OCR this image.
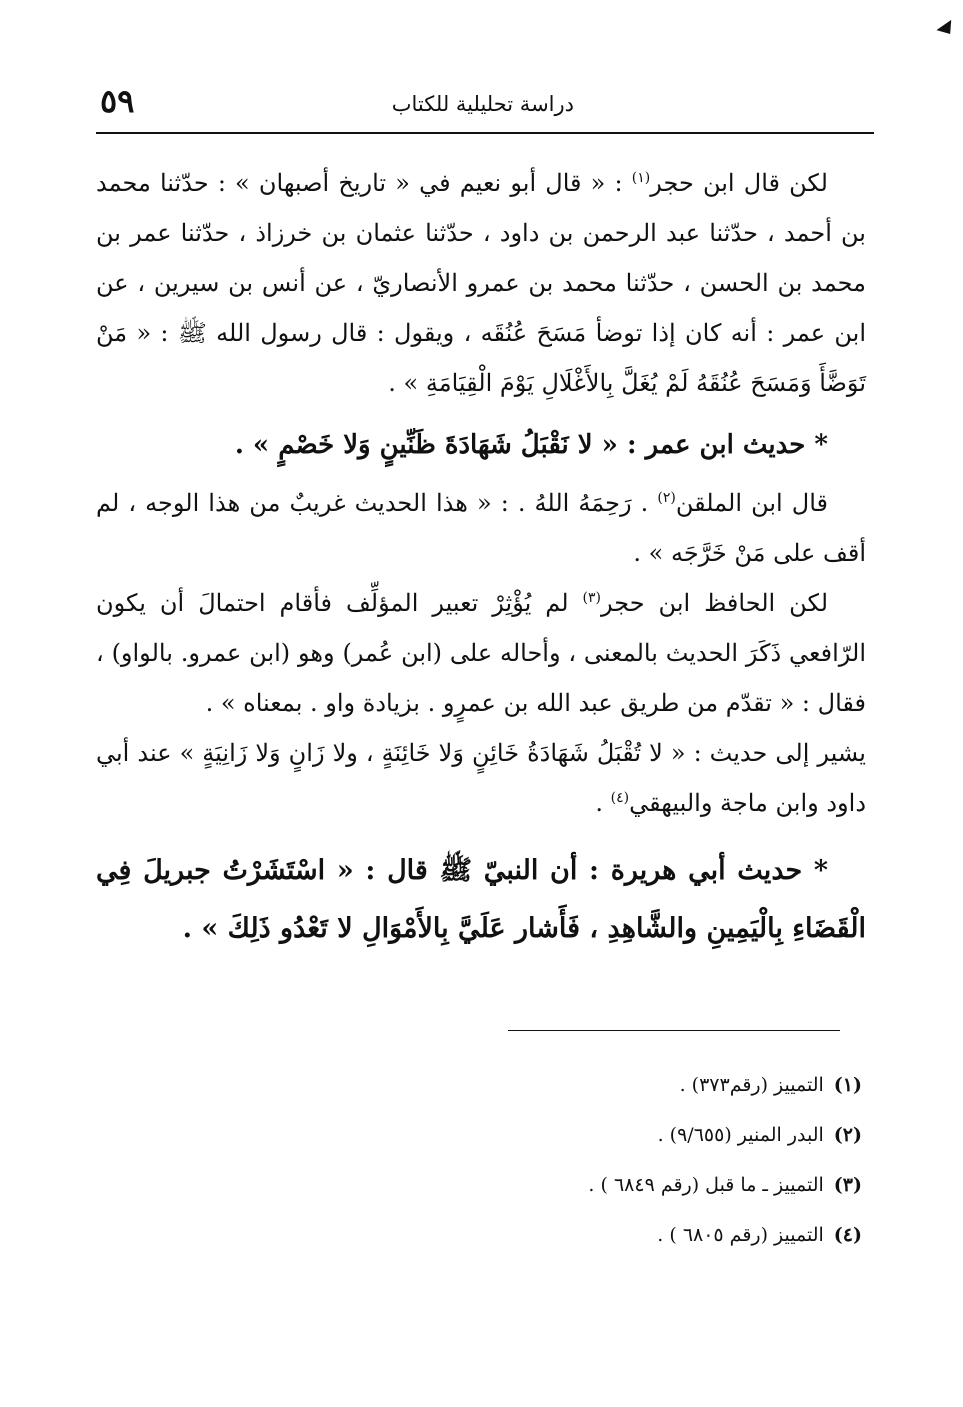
٥٩	دراسة تحليلية للكتاب

لكن قال ابن حجر$^{(١)}$ : « قال أبو نعيم في « تاريخ أصبهان » : حدّثنا محمد بن أحمد ، حدّثنا عبد الرحمن بن داود ، حدّثنا عثمان بن خرزاذ ، حدّثنا عمر بن محمد بن الحسن ، حدّثنا محمد بن عمرو الأنصاريّ ، عن أنس بن سيرين ، عن ابن عمر : أنه كان إذا توضأ مَسَحَ عُنُقَه ، ويقول : قال رسول الله ﷺ : « مَنْ تَوَضَّأَ وَمَسَحَ عُنُقَهُ لَمْ يُغَلَّ بِالأَغْلَالِ يَوْمَ الْقِيَامَةِ » .

* حديث ابن عمر : « لا نَقْبَلُ شَهَادَةَ ظَنِّينٍ وَلا خَصْمٍ » .

قال ابن الملقن$^{(٢)}$ . رَحِمَهُ اللهُ . : « هذا الحديث غريبٌ من هذا الوجه ، لم أقف على مَنْ خَرَّجَه » .

لكن الحافظ ابن حجر$^{(٣)}$ لم يُؤْثِرْ تعبير المؤلِّف فأقام احتمالَ أن يكون الرّافعي ذَكَرَ الحديث بالمعنى ، وأحاله على (ابن عُمر) وهو (ابن عمرو. بالواو) ، فقال : « تقدّم من طريق عبد الله بن عمرٍو . بزيادة واو . بمعناه » .

يشير إلى حديث : « لا تُقْبَلُ شَهَادَةُ خَائِنٍ وَلا خَائِنَةٍ ، ولا زَانٍ وَلا زَانِيَةٍ » عند أبي داود وابن ماجة والبيهقي$^{(٤)}$ .

* حديث أبي هريرة : أن النبيّ ﷺ قال : « اسْتَشَرْتُ جبريلَ فِي الْقَضَاءِ بِالْيَمِينِ والشَّاهِدِ ، فَأَشار عَلَيَّ بِالأَمْوَالِ لا تَعْدُو ذَلِكَ » .

(١)التمييز (رقم٣٧٣) .
(٢)البدر المنير (٩/٦٥٥) .
(٣)التمييز ـ ما قبل (رقم ٦٨٤٩ ) .
(٤)التمييز (رقم ٦٨٠٥ ) .
